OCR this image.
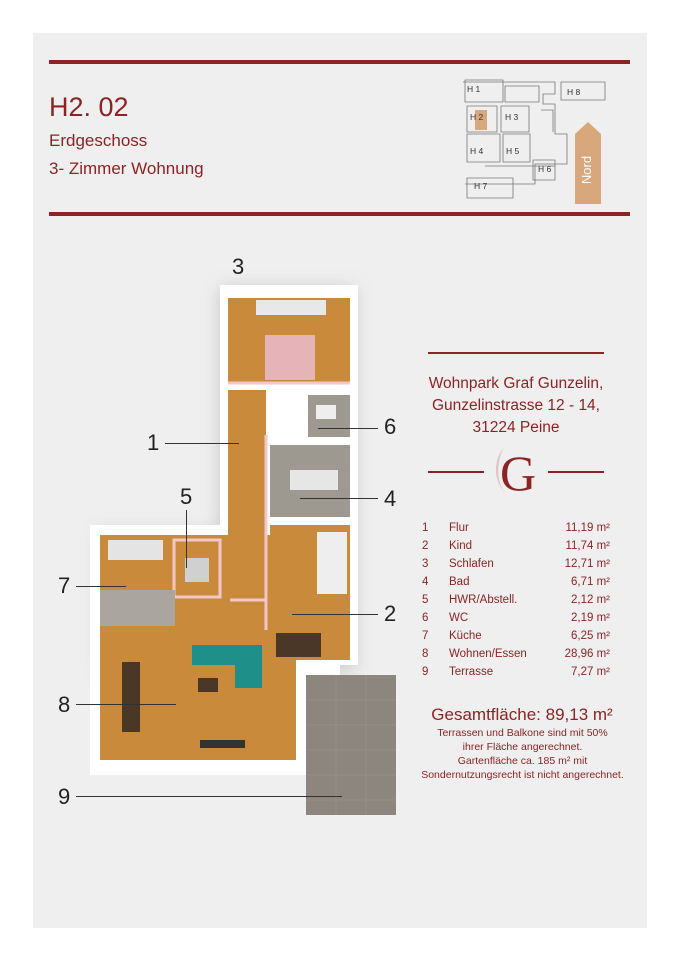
H2. 02
Erdgeschoss
3- Zimmer Wohnung
H 1
H 2	H 3
H 4	H 5
H 6
H 7
H 8
Nord
3
1
6
5	4
7
2
8
9
Wohnpark Graf Gunzelin,
Gunzelinstrasse 12 - 14,
31224 Peine
G
1 Flur	11,19 m²
2 Kind	11,74 m²
3 Schlafen	12,71 m²
4 Bad	6,71 m²
5 HWR/Abstell.	2,12 m²
6 WC	2,19 m²
7 Küche	6,25 m²
8 Wohnen/Essen	28,96 m²
9 Terrasse	7,27 m²
Gesamtfläche: 89,13 m²
Terrassen und Balkone sind mit 50%
ihrer Fläche angerechnet.
Gartenfläche ca. 185 m² mit
Sondernutzungsrecht ist nicht angerechnet.
